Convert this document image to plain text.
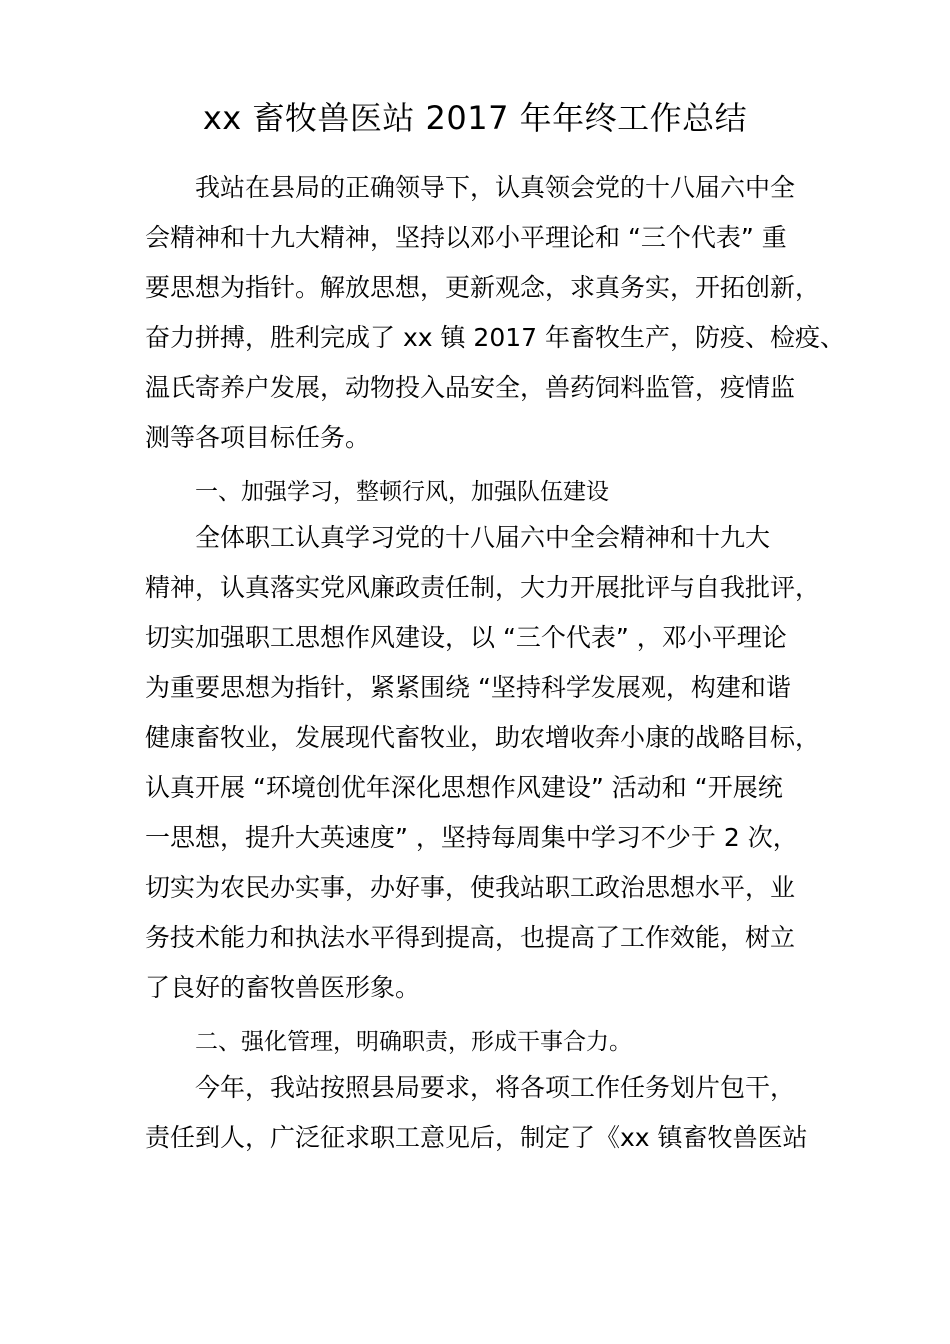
xx 畜牧兽医站 2017 年年终工作总结
我站在县局的正确领导下，认真领会党的十八届六中全
会精神和十九大精神，坚持以邓小平理论和 “三个代表” 重
要思想为指针。解放思想，更新观念，求真务实，开拓创新，
奋力拼搏，胜利完成了 xx 镇 2017 年畜牧生产，防疫、检疫、
温氏寄养户发展，动物投入品安全，兽药饲料监管，疫情监
测等各项目标任务。
一、加强学习，整顿行风，加强队伍建设
全体职工认真学习党的十八届六中全会精神和十九大
精神，认真落实党风廉政责任制，大力开展批评与自我批评，
切实加强职工思想作风建设，以 “三个代表” ，邓小平理论
为重要思想为指针，紧紧围绕 “坚持科学发展观，构建和谐
健康畜牧业，发展现代畜牧业，助农增收奔小康的战略目标，
认真开展 “环境创优年深化思想作风建设” 活动和 “开展统
一思想，提升大英速度” ，坚持每周集中学习不少于 2 次，
切实为农民办实事，办好事，使我站职工政治思想水平，业
务技术能力和执法水平得到提高，也提高了工作效能，树立
了良好的畜牧兽医形象。
二、强化管理，明确职责，形成干事合力。
今年，我站按照县局要求，将各项工作任务划片包干，
责任到人，广泛征求职工意见后，制定了《xx 镇畜牧兽医站
